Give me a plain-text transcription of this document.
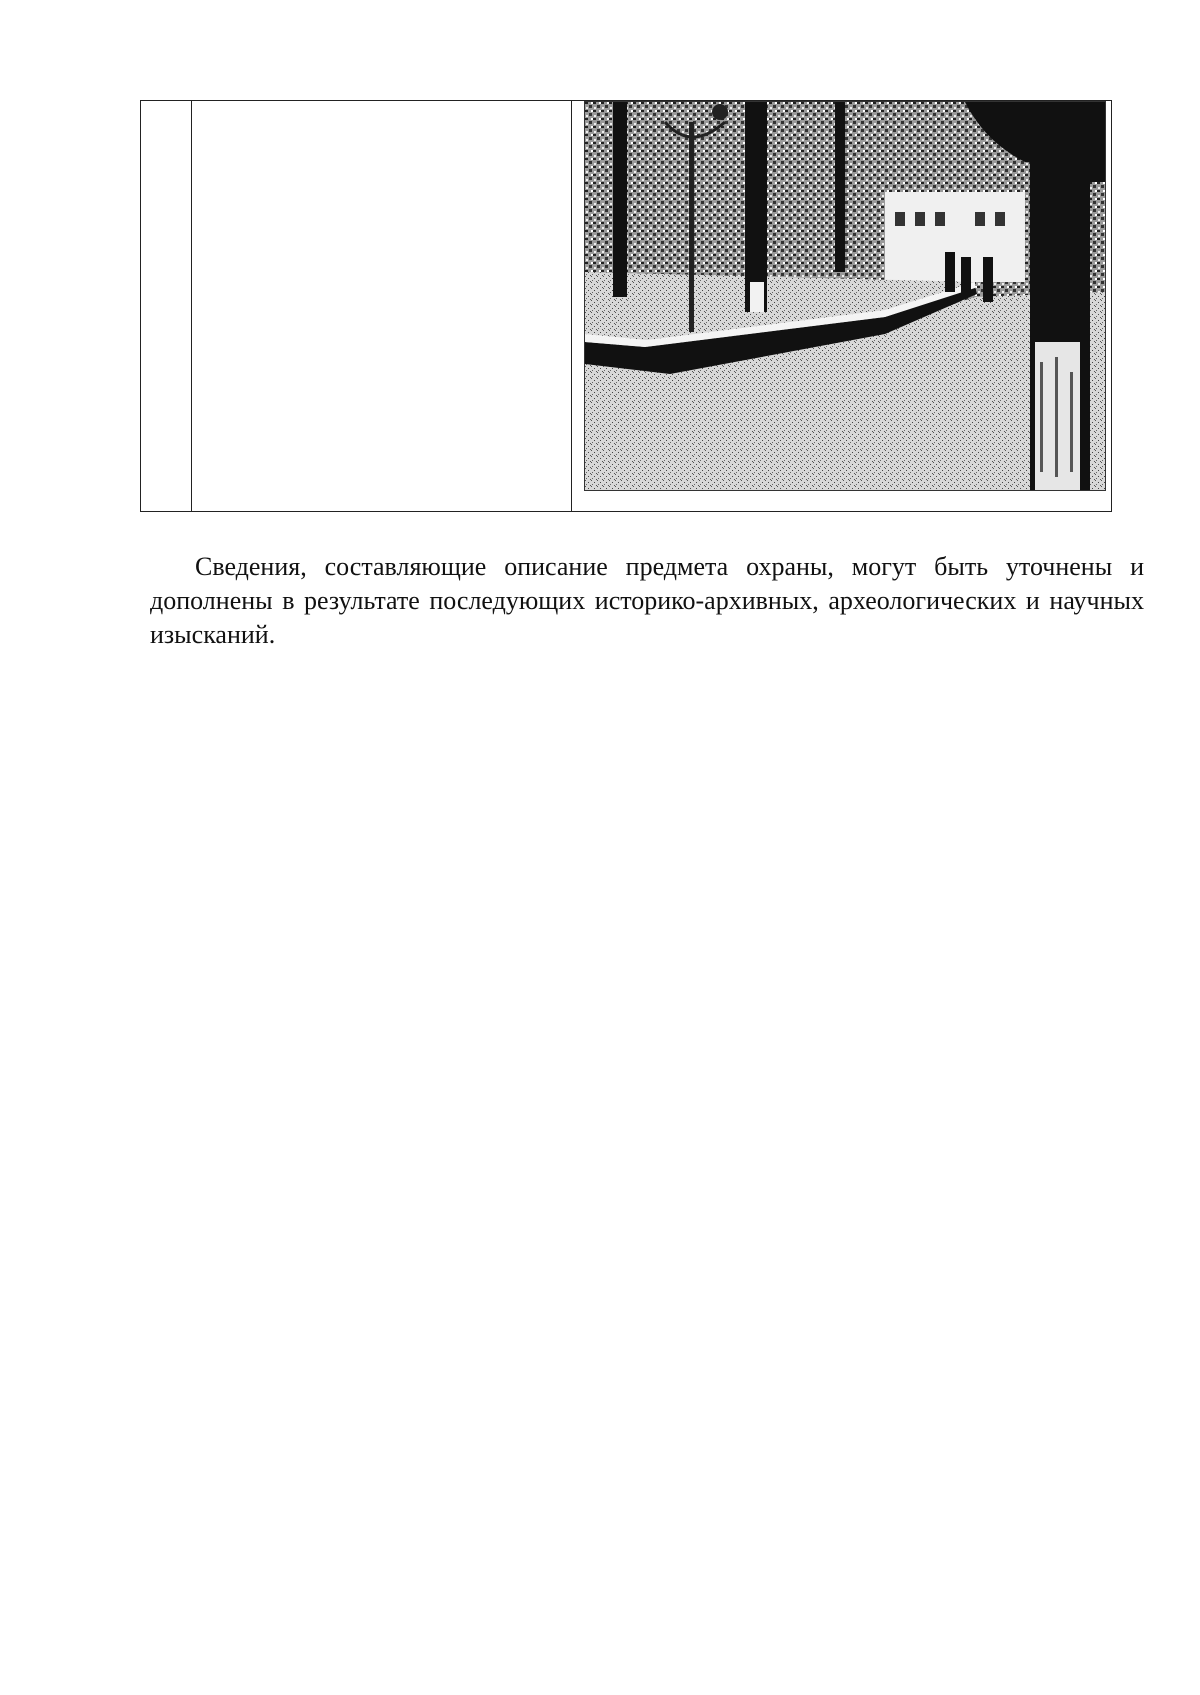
Сведения, составляющие описание предмета охраны, могут быть уточнены и дополнены в результате последующих историко-архивных, археологических и научных изысканий.
